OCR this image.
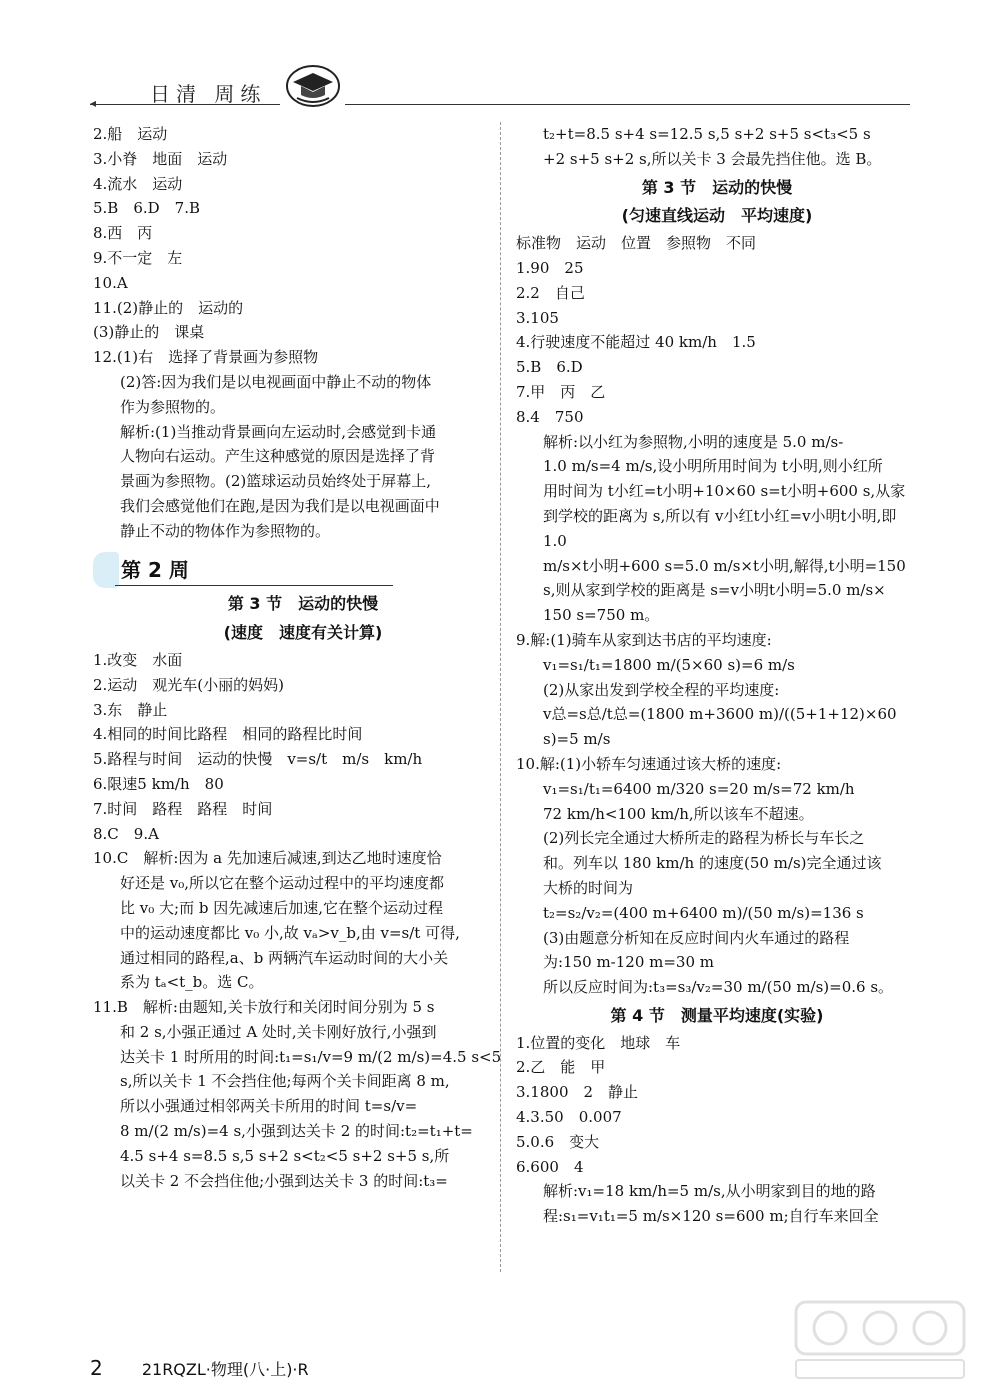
◂	日清 周练
2.船　运动
3.小脊　地面　运动
4.流水　运动
5.B　6.D　7.B
8.西　丙
9.不一定　左
10.A
11.(2)静止的　运动的
(3)静止的　课桌
12.(1)右　选择了背景画为参照物
(2)答:因为我们是以电视画面中静止不动的物体
作为参照物的。
解析:(1)当推动背景画向左运动时,会感觉到卡通
人物向右运动。产生这种感觉的原因是选择了背
景画为参照物。(2)篮球运动员始终处于屏幕上,
我们会感觉他们在跑,是因为我们是以电视画面中
静止不动的物体作为参照物的。
第 2 周
第 3 节　运动的快慢
(速度　速度有关计算)
1.改变　水面
2.运动　观光车(小丽的妈妈)
3.东　静止
4.相同的时间比路程　相同的路程比时间
5.路程与时间　运动的快慢　v=s/t　m/s　km/h
6.限速5 km/h　80
7.时间　路程　路程　时间
8.C　9.A
10.C　解析:因为 a 先加速后减速,到达乙地时速度恰
好还是 v₀,所以它在整个运动过程中的平均速度都
比 v₀ 大;而 b 因先减速后加速,它在整个运动过程
中的运动速度都比 v₀ 小,故 vₐ>v_b,由 v=s/t 可得,
通过相同的路程,a、b 两辆汽车运动时间的大小关
系为 tₐ<t_b。选 C。
11.B　解析:由题知,关卡放行和关闭时间分别为 5 s
和 2 s,小强正通过 A 处时,关卡刚好放行,小强到
达关卡 1 时所用的时间:t₁=s₁/v=9 m/(2 m/s)=4.5 s<5
s,所以关卡 1 不会挡住他;每两个关卡间距离 8 m,
所以小强通过相邻两关卡所用的时间 t=s/v=
8 m/(2 m/s)=4 s,小强到达关卡 2 的时间:t₂=t₁+t=
4.5 s+4 s=8.5 s,5 s+2 s<t₂<5 s+2 s+5 s,所
以关卡 2 不会挡住他;小强到达关卡 3 的时间:t₃=
t₂+t=8.5 s+4 s=12.5 s,5 s+2 s+5 s<t₃<5 s
+2 s+5 s+2 s,所以关卡 3 会最先挡住他。选 B。
第 3 节　运动的快慢
(匀速直线运动　平均速度)
标准物　运动　位置　参照物　不同
1.90　25
2.2　自己
3.105
4.行驶速度不能超过 40 km/h　1.5
5.B　6.D
7.甲　丙　乙
8.4　750
解析:以小红为参照物,小明的速度是 5.0 m/s-
1.0 m/s=4 m/s,设小明所用时间为 t小明,则小红所
用时间为 t小红=t小明+10×60 s=t小明+600 s,从家
到学校的距离为 s,所以有 v小红t小红=v小明t小明,即 1.0
m/s×t小明+600 s=5.0 m/s×t小明,解得,t小明=150
s,则从家到学校的距离是 s=v小明t小明=5.0 m/s×
150 s=750 m。
9.解:(1)骑车从家到达书店的平均速度:
v₁=s₁/t₁=1800 m/(5×60 s)=6 m/s
(2)从家出发到学校全程的平均速度:
v总=s总/t总=(1800 m+3600 m)/((5+1+12)×60 s)=5 m/s
10.解:(1)小轿车匀速通过该大桥的速度:
v₁=s₁/t₁=6400 m/320 s=20 m/s=72 km/h
72 km/h<100 km/h,所以该车不超速。
(2)列长完全通过大桥所走的路程为桥长与车长之
和。列车以 180 km/h 的速度(50 m/s)完全通过该
大桥的时间为
t₂=s₂/v₂=(400 m+6400 m)/(50 m/s)=136 s
(3)由题意分析知在反应时间内火车通过的路程
为:150 m-120 m=30 m
所以反应时间为:t₃=s₃/v₂=30 m/(50 m/s)=0.6 s。
第 4 节　测量平均速度(实验)
1.位置的变化　地球　车
2.乙　能　甲
3.1800　2　静止
4.3.50　0.007
5.0.6　变大
6.600　4
解析:v₁=18 km/h=5 m/s,从小明家到目的地的路
程:s₁=v₁t₁=5 m/s×120 s=600 m;自行车来回全
2 21RQZL·物理(八·上)·R
